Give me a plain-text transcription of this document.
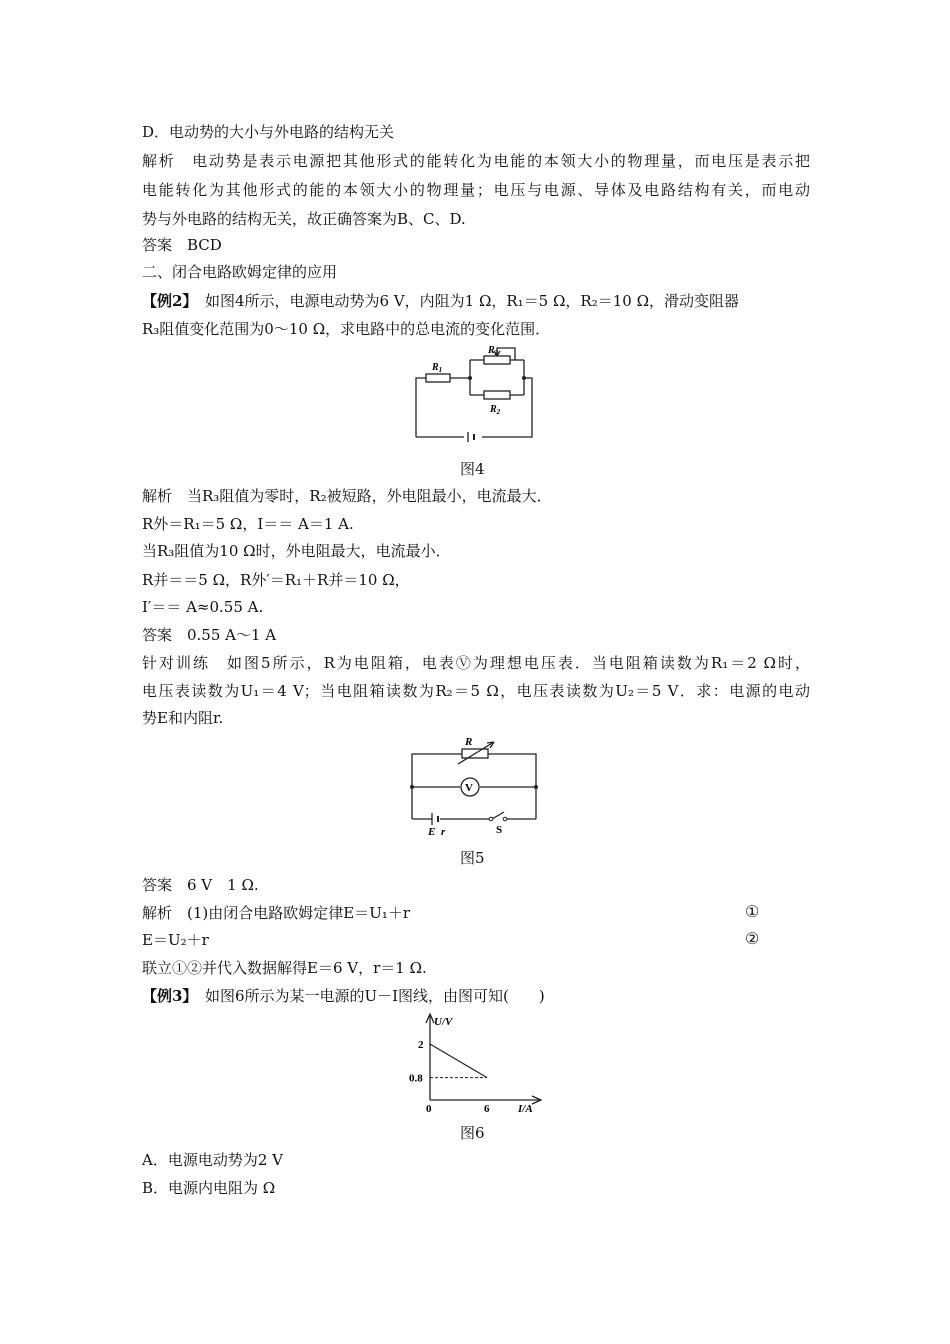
D．电动势的大小与外电路的结构无关
解析　电动势是表示电源把其他形式的能转化为电能的本领大小的物理量，而电压是表示把
电能转化为其他形式的能的本领大小的物理量；电压与电源、导体及电路结构有关，而电动
势与外电路的结构无关，故正确答案为B、C、D.
答案　BCD
二、闭合电路欧姆定律的应用
【例2】　如图4所示，电源电动势为6 V，内阻为1 Ω，R₁＝5 Ω，R₂＝10 Ω，滑动变阻器
R₃阻值变化范围为0～10 Ω，求电路中的总电流的变化范围．
$R_1$
$R_3$
$R_2$
图4
解析　当R₃阻值为零时，R₂被短路，外电阻最小，电流最大．
R外＝R₁＝5 Ω，I＝＝ A＝1 A.
当R₃阻值为10 Ω时，外电阻最大，电流最小．
R并＝＝5 Ω，R外′＝R₁＋R并＝10 Ω，
I′＝＝ A≈0.55 A.
答案　0.55 A～1 A
针对训练　如图5所示，R为电阻箱，电表Ⓥ为理想电压表．当电阻箱读数为R₁＝2 Ω时，
电压表读数为U₁＝4 V；当电阻箱读数为R₂＝5 Ω，电压表读数为U₂＝5 V．求：电源的电动
势E和内阻r.
R
V
E r	S
图5
答案　6 V　1 Ω.
解析　(1)由闭合电路欧姆定律E＝U₁＋r	①
E＝U₂＋r	②
联立①②并代入数据解得E＝6 V，r＝1 Ω.
【例3】　如图6所示为某一电源的U－I图线，由图可知(　　)
U/V
I/A
2
0.8
0	6
图6
A．电源电动势为2 V
B．电源内电阻为 Ω
